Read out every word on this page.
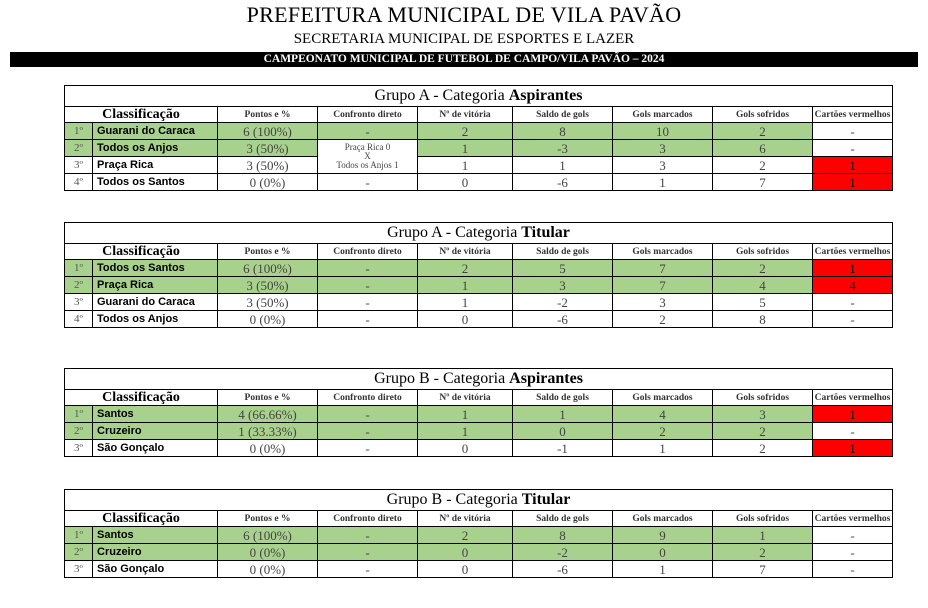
PREFEITURA MUNICIPAL DE VILA PAVÃO
SECRETARIA MUNICIPAL DE ESPORTES E LAZER
CAMPEONATO MUNICIPAL DE FUTEBOL DE CAMPO/VILA PAVÃO – 2024
Grupo A - Categoria Aspirantes								
Classificação		Pontos e %	Confronto direto	Nº de vitória	Saldo de gols	Gols marcados	Gols sofridos	Cartões vermelhos
1º	Guarani do Caraca	6 (100%)	-	2	8	10	2	-
2º	Todos os Anjos	3 (50%)	Praça Rica 0
X
Todos os Anjos 1	1	-3	3	6	-
3º	Praça Rica	3 (50%)		1	1	3	2	1
4º	Todos os Santos	0 (0%)	-	0	-6	1	7	1
Grupo A - Categoria Titular								
Classificação		Pontos e %	Confronto direto	Nº de vitória	Saldo de gols	Gols marcados	Gols sofridos	Cartões vermelhos
1º	Todos os Santos	6 (100%)	-	2	5	7	2	1
2º	Praça Rica	3 (50%)	-	1	3	7	4	4
3º	Guarani do Caraca	3 (50%)	-	1	-2	3	5	-
4º	Todos os Anjos	0 (0%)	-	0	-6	2	8	-
Grupo B - Categoria Aspirantes								
Classificação		Pontos e %	Confronto direto	Nº de vitória	Saldo de gols	Gols marcados	Gols sofridos	Cartões vermelhos
1º	Santos	4 (66.66%)	-	1	1	4	3	1
2º	Cruzeiro	1 (33.33%)	-	1	0	2	2	-
3º	São Gonçalo	0 (0%)	-	0	-1	1	2	1
Grupo B - Categoria Titular								
Classificação		Pontos e %	Confronto direto	Nº de vitória	Saldo de gols	Gols marcados	Gols sofridos	Cartões vermelhos
1º	Santos	6 (100%)	-	2	8	9	1	-
2º	Cruzeiro	0 (0%)	-	0	-2	0	2	-
3º	São Gonçalo	0 (0%)	-	0	-6	1	7	-
